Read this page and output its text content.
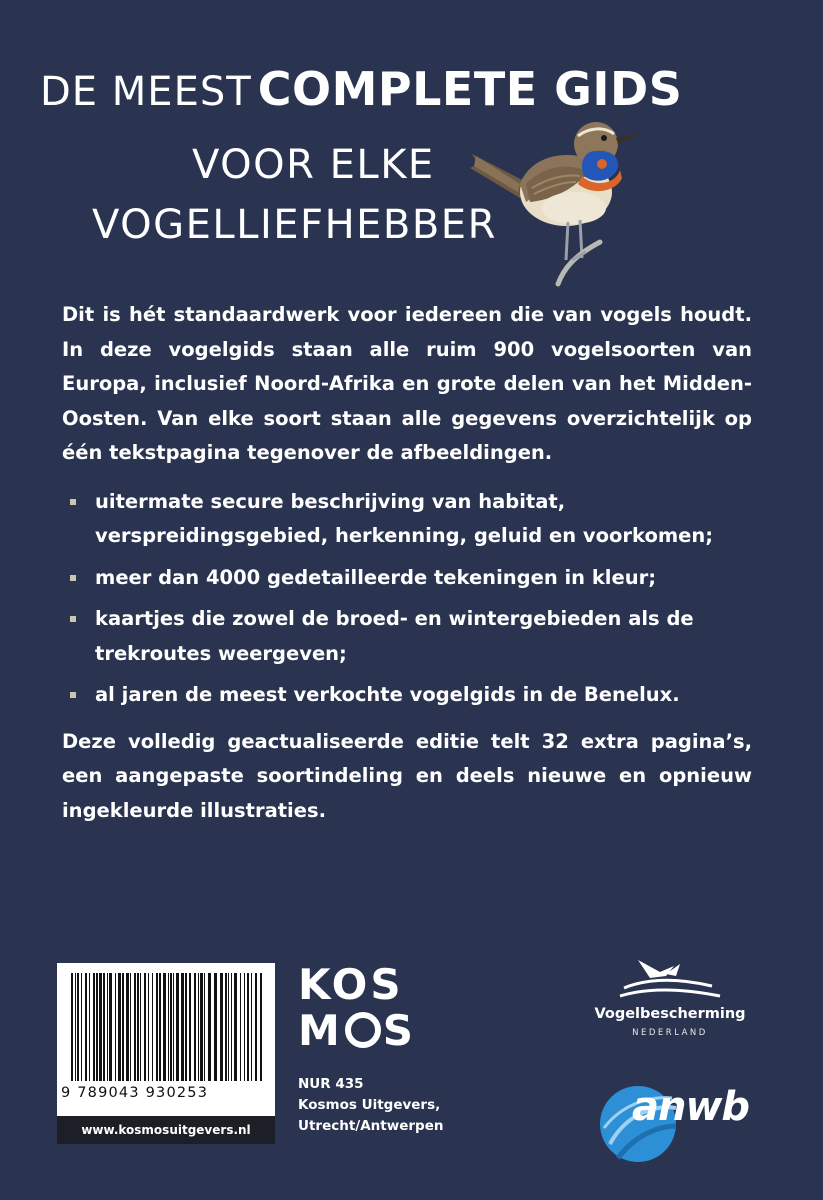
DE MEEST COMPLETE GIDS
VOOR ELKE
VOGELLIEFHEBBER

Dit is hét standaardwerk voor iedereen die van vogels houdt. In deze vogelgids staan alle ruim 900 vogelsoorten van Europa, inclusief Noord-Afrika en grote delen van het Midden-Oosten. Van elke soort staan alle gegevens overzichtelijk op één tekstpagina tegenover de afbeeldingen.

uitermate secure beschrijving van habitat, verspreidingsgebied, herkenning, geluid en voorkomen;
meer dan 4000 gedetailleerde tekeningen in kleur;
kaartjes die zowel de broed- en wintergebieden als de trekroutes weergeven;
al jaren de meest verkochte vogelgids in de Benelux.

Deze volledig geactualiseerde editie telt 32 extra pagina’s, een aangepaste soortindeling en deels nieuwe en opnieuw ingekleurde illustraties.

9 789043 930253
www.kosmosuitgevers.nl
KOS
M S
NUR 435
Kosmos Uitgevers,
Utrecht/Antwerpen
Vogelbescherming
NEDERLAND
anwb
